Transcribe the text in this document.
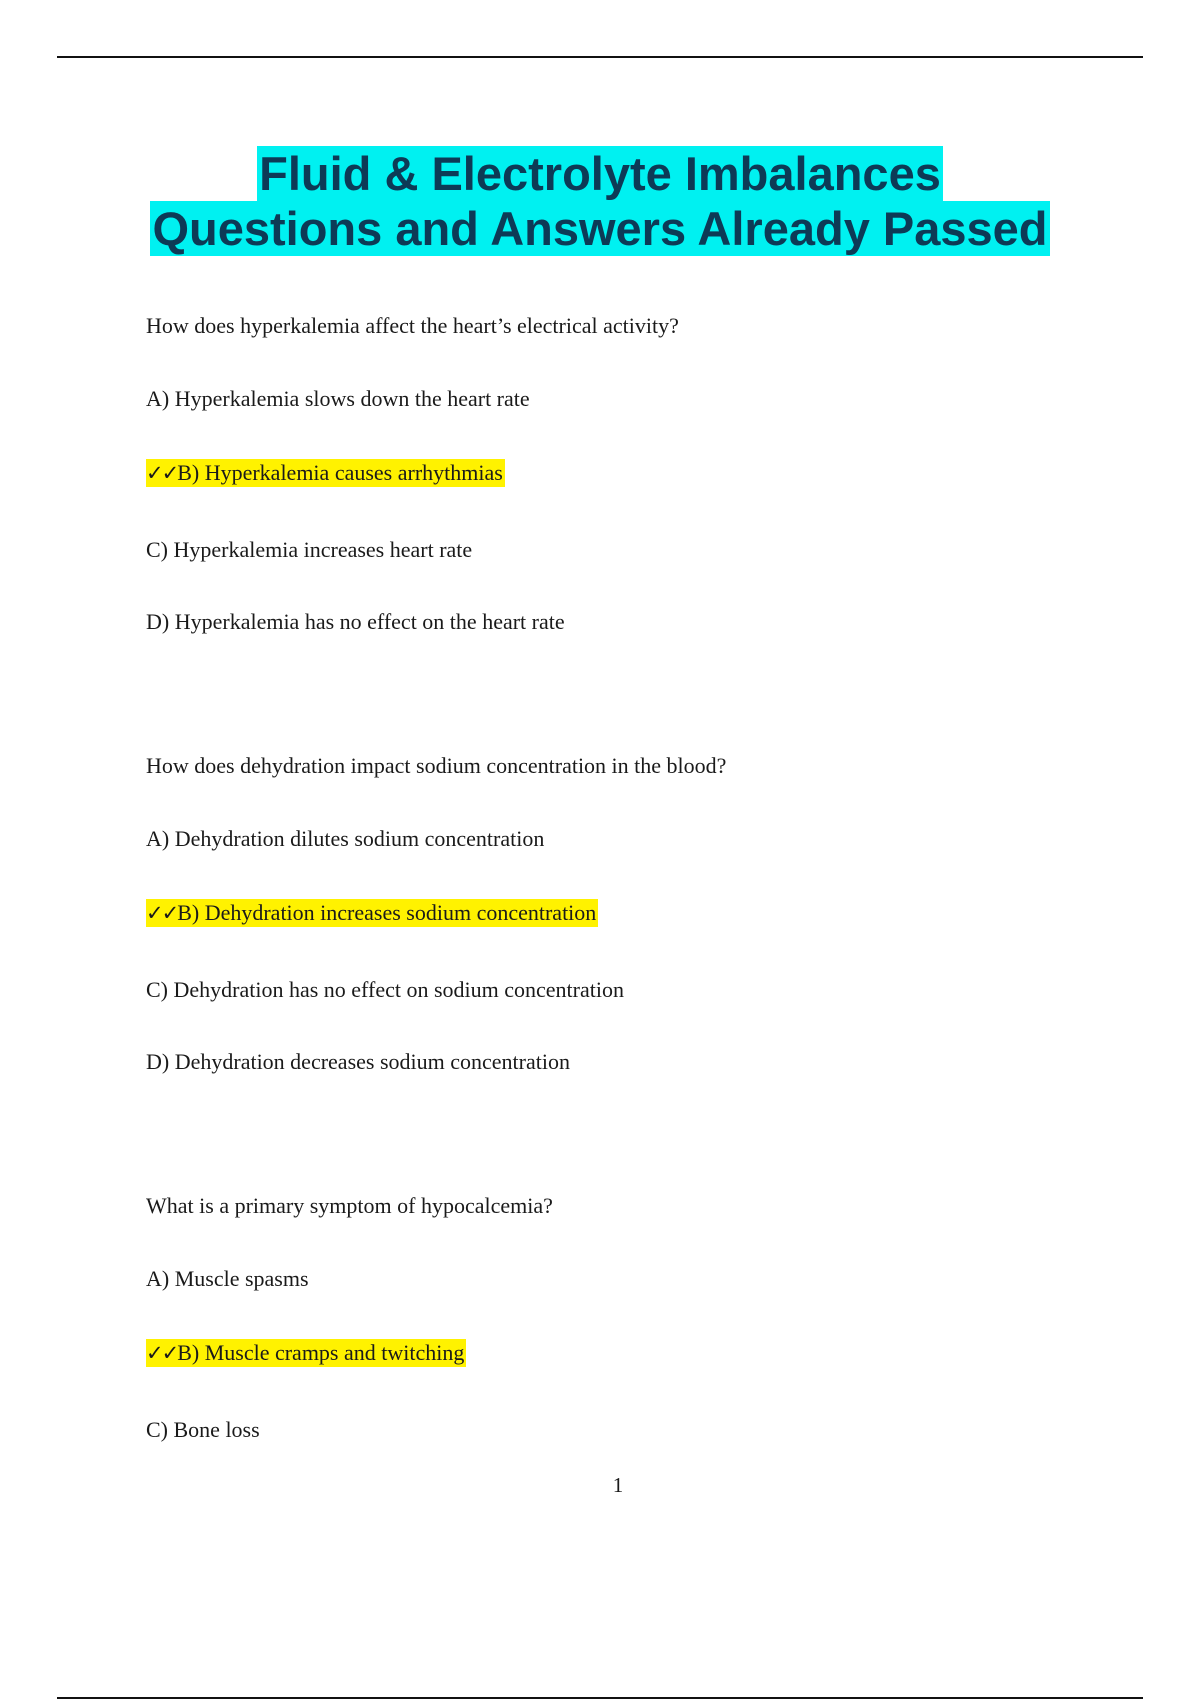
Fluid & Electrolyte Imbalances
Questions and Answers Already Passed
How does hyperkalemia affect the heart’s electrical activity?
A) Hyperkalemia slows down the heart rate
✓✓B) Hyperkalemia causes arrhythmias
C) Hyperkalemia increases heart rate
D) Hyperkalemia has no effect on the heart rate
How does dehydration impact sodium concentration in the blood?
A) Dehydration dilutes sodium concentration
✓✓B) Dehydration increases sodium concentration
C) Dehydration has no effect on sodium concentration
D) Dehydration decreases sodium concentration
What is a primary symptom of hypocalcemia?
A) Muscle spasms
✓✓B) Muscle cramps and twitching
C) Bone loss
1
